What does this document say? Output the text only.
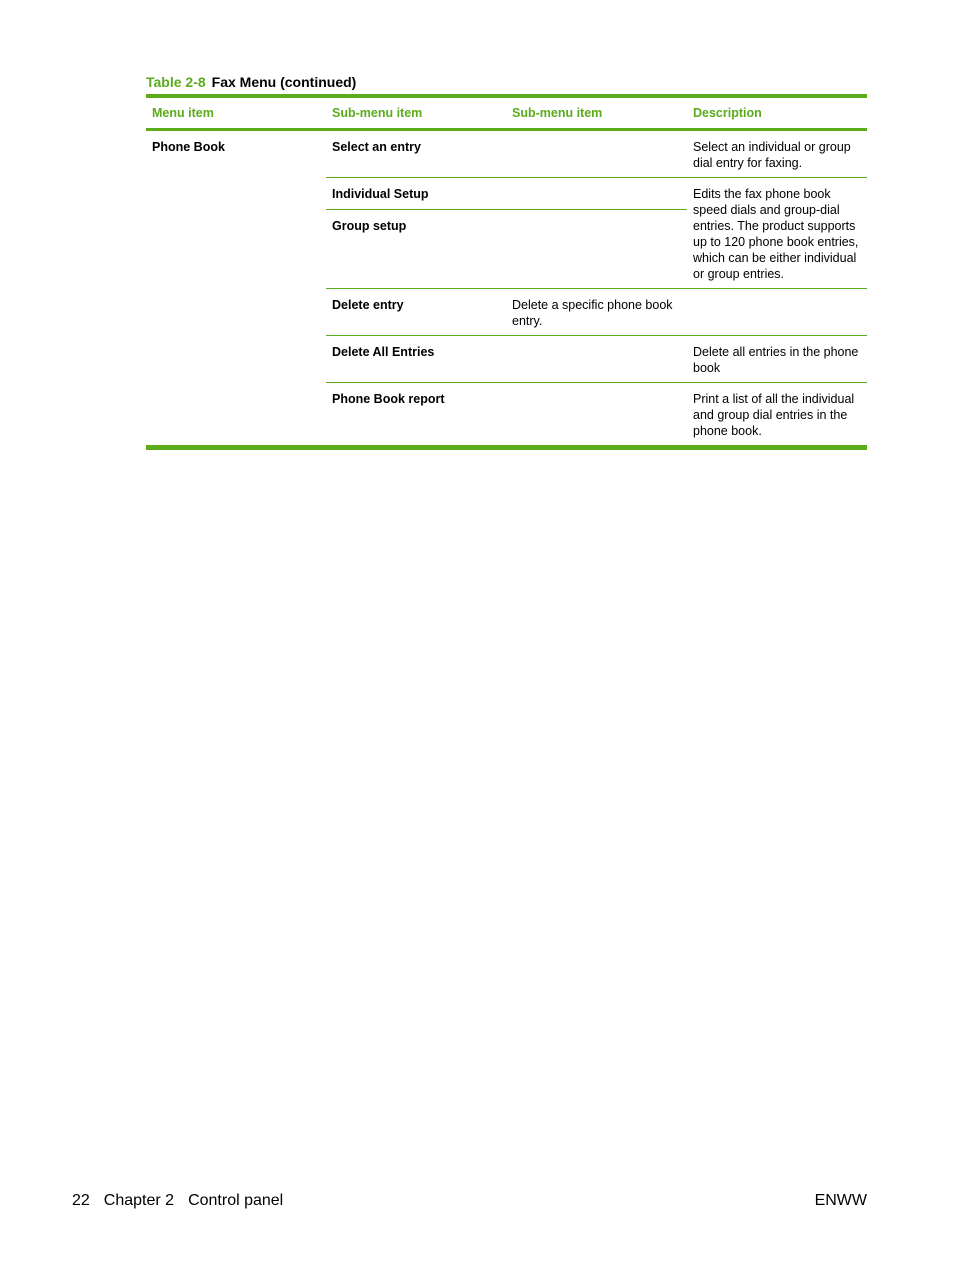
Table 2-8 Fax Menu (continued)
Menu item	Sub-menu item	Sub-menu item	Description
Phone Book	Select an entry		Select an individual or group dial entry for faxing.
	Individual Setup		Edits the fax phone book speed dials and group-dial entries. The product supports up to 120 phone book entries, which can be either individual or group entries.
	Group setup		
	Delete entry	Delete a specific phone book entry.	
	Delete All Entries		Delete all entries in the phone book
	Phone Book report		Print a list of all the individual and group dial entries in the phone book.
22 Chapter 2 Control panel	ENWW
